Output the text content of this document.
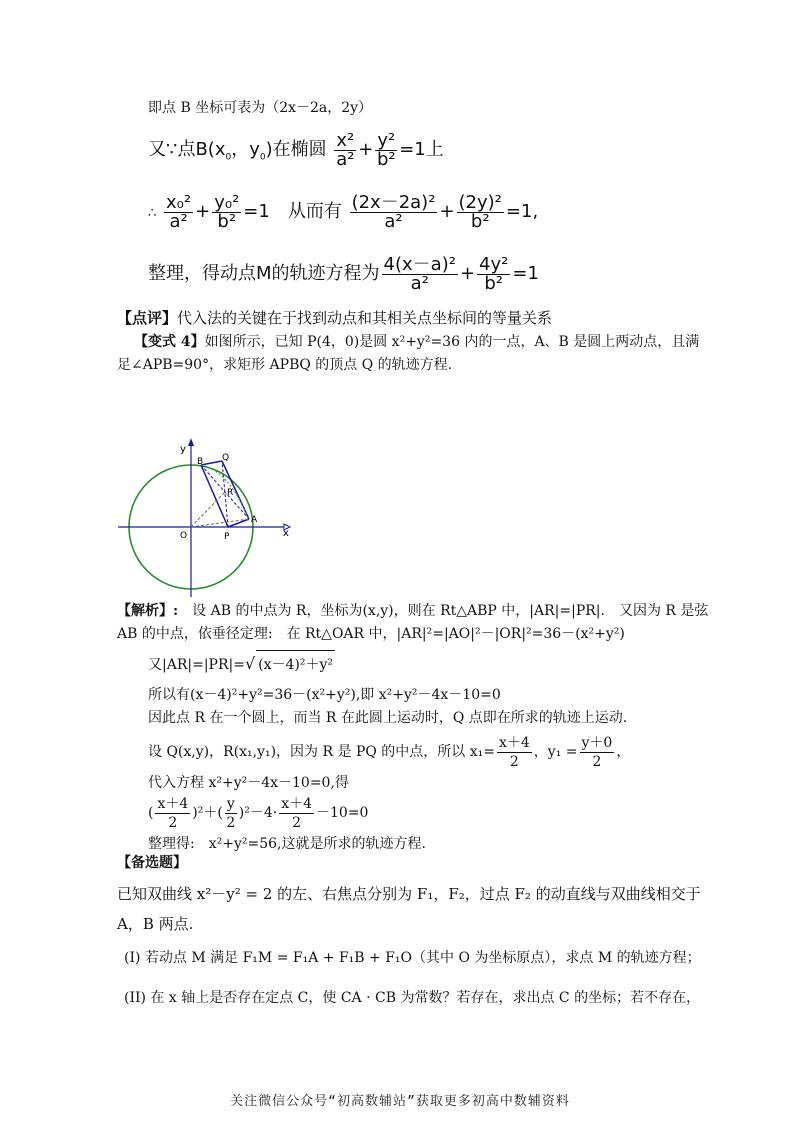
即点 B 坐标可表为（2x－2a，2y）
又∵点$B(x_0$，$y_0$)在椭圆 $\frac{\text{x²}}{\text{a²}} + \frac{\text{y²}}{\text{b²}} =1$上
∴ $\frac{\text{x₀²}}{\text{a²}} + \frac{\text{y₀²}}{\text{b²}} =1$　从而有 $\frac{\text{(2x－2a)²}}{\text{a²}} + \frac{\text{(2y)²}}{\text{b²}} =1$,
整理，得动点M的轨迹方程为 $\frac{\text{4(x－a)²}}{\text{a²}} + \frac{\text{4y²}}{\text{b²}} =1$
【点评】代入法的关键在于找到动点和其相关点坐标间的等量关系
【变式 4】如图所示，已知 P(4，0)是圆 x²+y²=36 内的一点，A、B 是圆上两动点，且满
足∠APB=90°，求矩形 APBQ 的顶点 Q 的轨迹方程.
y
x
O	P
A
B Q
R
【解析】:　设 AB 的中点为 R，坐标为(x,y)，则在 Rt△ABP 中，|AR|=|PR|.　又因为 R 是弦
AB 的中点，依垂径定理:　在 Rt△OAR 中，|AR|²=|AO|²－|OR|²=36－(x²+y²)
又|AR|=|PR|=√ (x－4)²＋y²
所以有(x－4)²+y²=36－(x²+y²),即 x²+y²－4x－10=0
因此点 R 在一个圆上，而当 R 在此圆上运动时，Q 点即在所求的轨迹上运动.
设 Q(x,y)，R(x₁,y₁)，因为 R 是 PQ 的中点，所以 $x_1= \frac{x+4}{2}$ ，$y_1 = \frac{y+0}{2}$ ，
代入方程 x²+y²－4x－10=0,得
( $\frac{x+4}{2} )^2+( \frac{y}{2} )^2-4\cdot \frac{x+4}{2} -10=0$
整理得:　x²+y²=56,这就是所求的轨迹方程.
【备选题】
已知双曲线 x²－y² = 2 的左、右焦点分别为 F₁，F₂，过点 F₂ 的动直线与双曲线相交于
A，B 两点.
(I) 若动点 M 满足 F₁M = F₁A + F₁B + F₁O（其中 O 为坐标原点），求点 M 的轨迹方程；
(II) 在 x 轴上是否存在定点 C，使 CA · CB 为常数？若存在，求出点 C 的坐标；若不存在，
关注微信公众号“初高数辅站”获取更多初高中数辅资料
